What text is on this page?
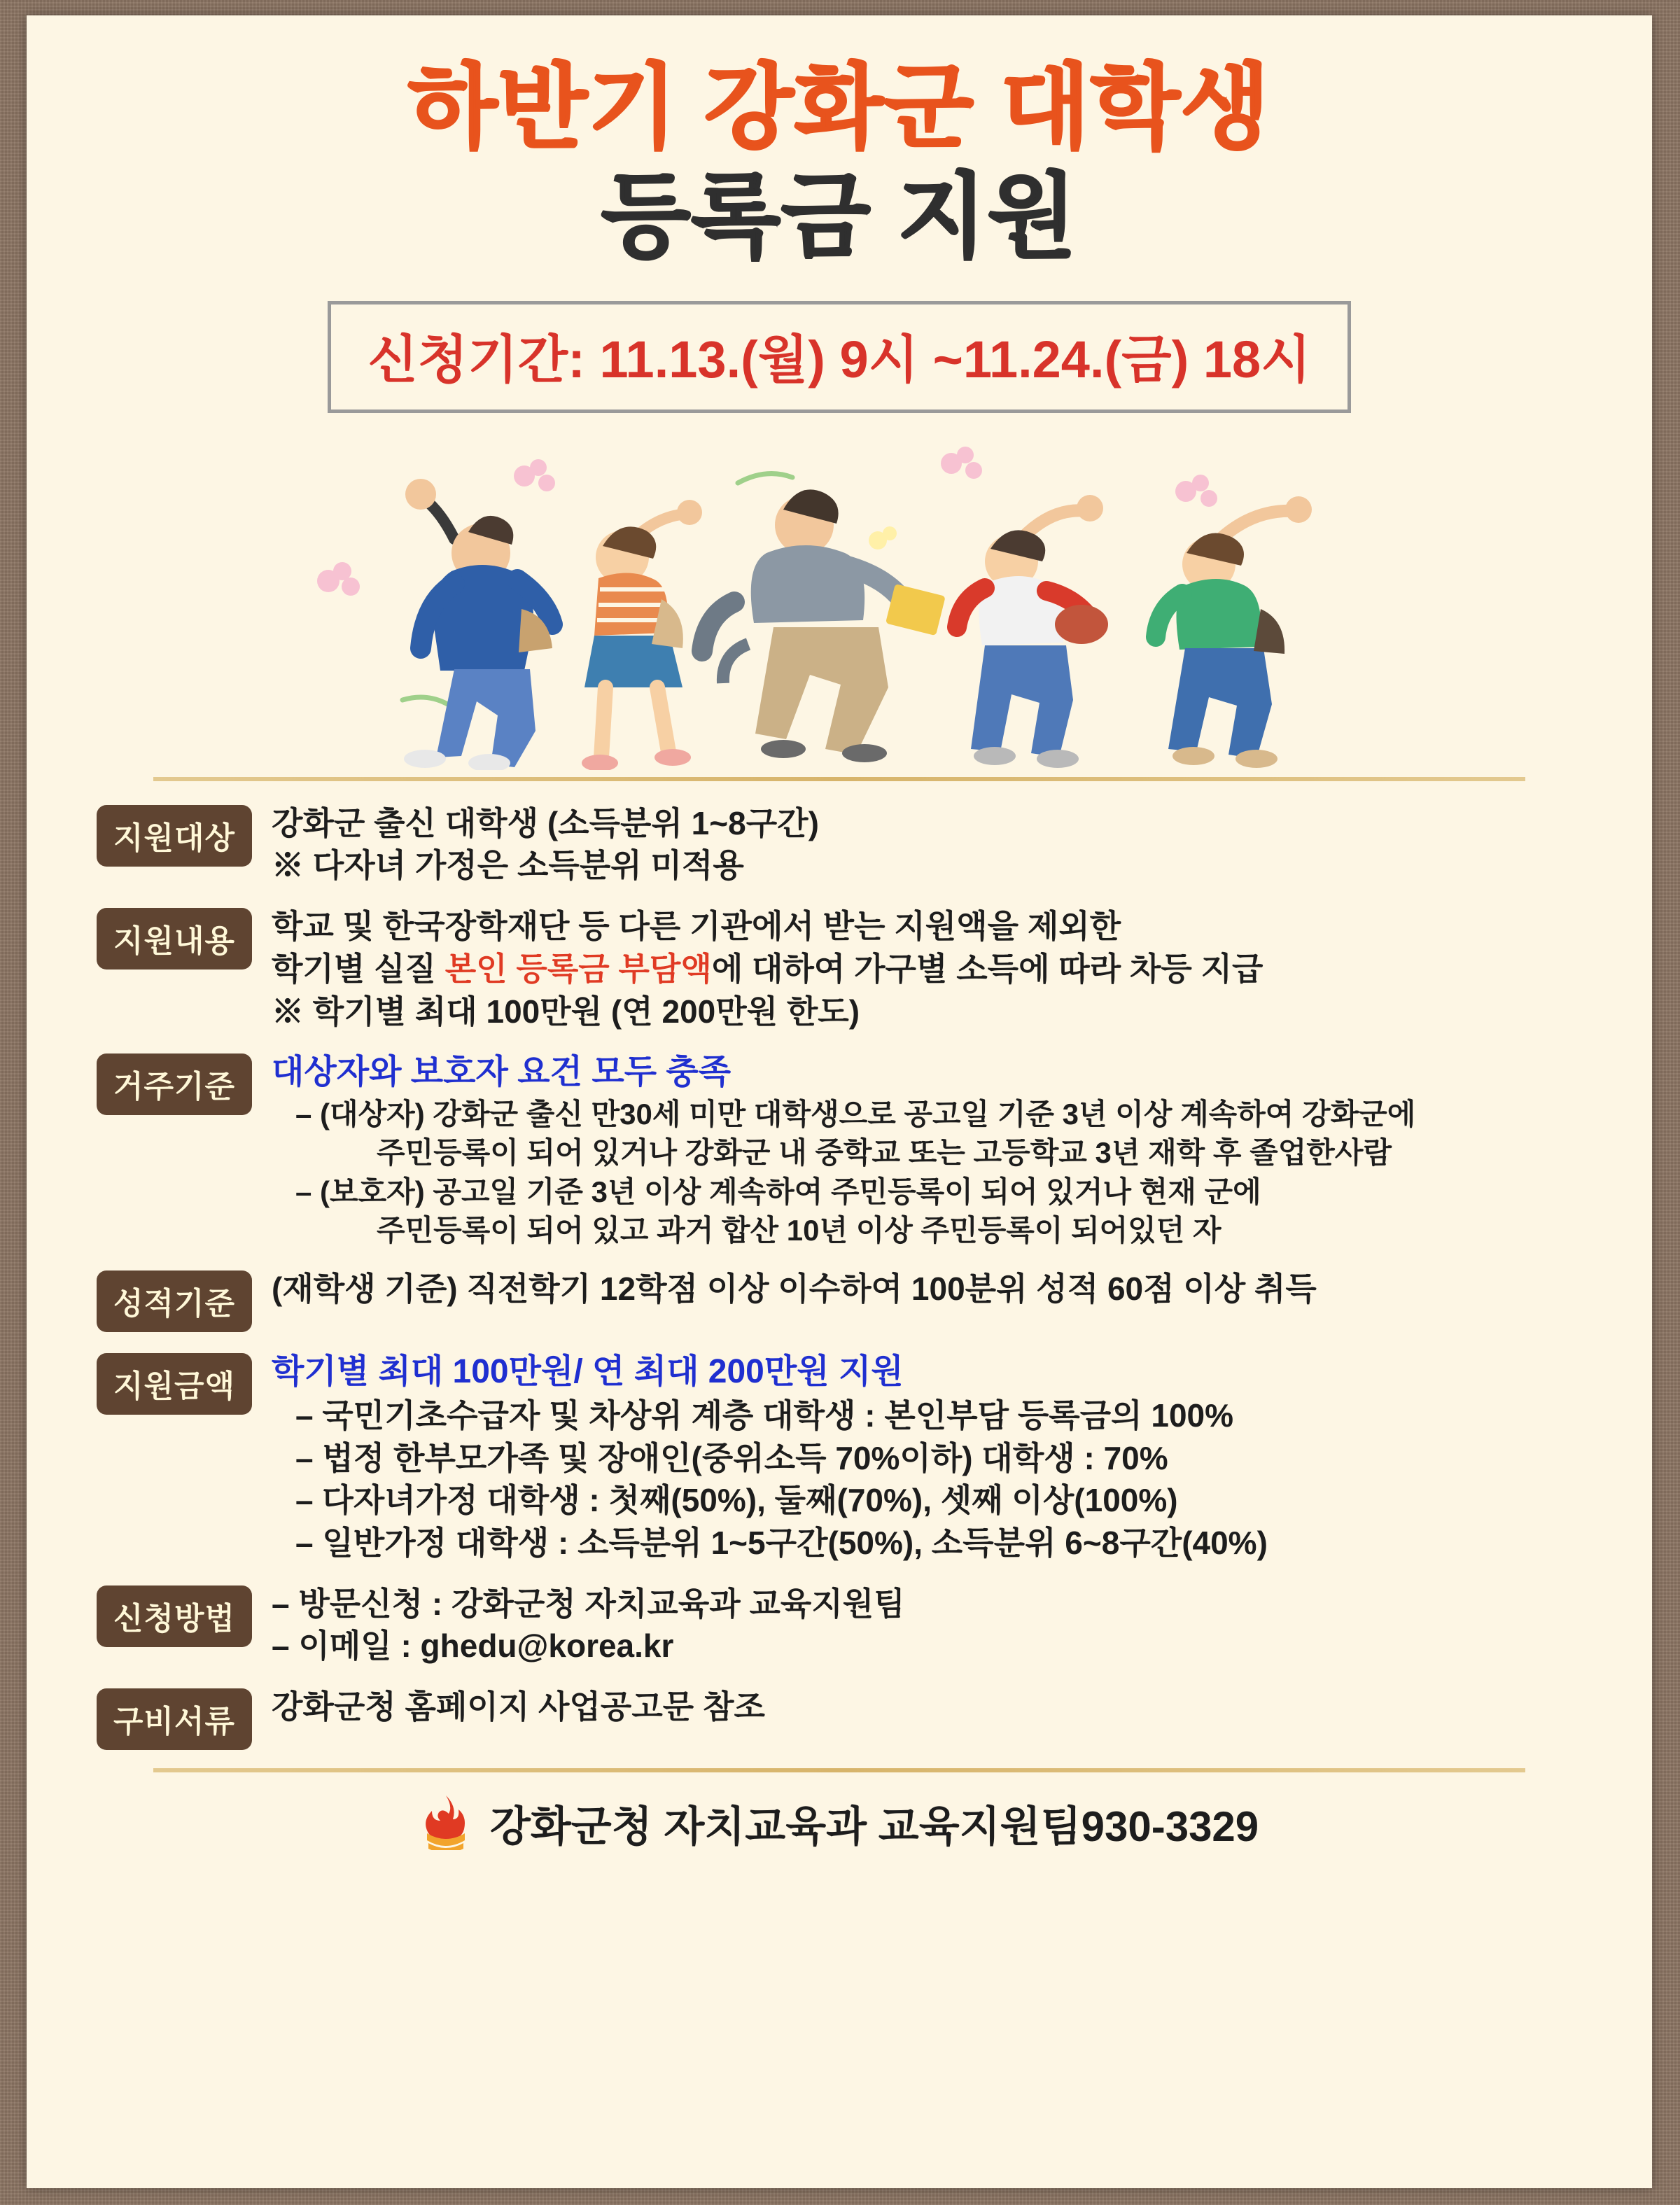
하반기 강화군 대학생
등록금 지원
신청기간: 11.13.(월) 9시 ~11.24.(금) 18시
지원대상	강화군 출신 대학생 (소득분위 1~8구간)
※ 다자녀 가정은 소득분위 미적용
지원내용	학교 및 한국장학재단 등 다른 기관에서 받는 지원액을 제외한
학기별 실질 본인 등록금 부담액에 대하여 가구별 소득에 따라 차등 지급
※ 학기별 최대 100만원 (연 200만원 한도)
거주기준	대상자와 보호자 요건 모두 충족
– (대상자) 강화군 출신 만30세 미만 대학생으로 공고일 기준 3년 이상 계속하여 강화군에
주민등록이 되어 있거나 강화군 내 중학교 또는 고등학교 3년 재학 후 졸업한사람
– (보호자) 공고일 기준 3년 이상 계속하여 주민등록이 되어 있거나 현재 군에
주민등록이 되어 있고 과거 합산 10년 이상 주민등록이 되어있던 자
성적기준	(재학생 기준) 직전학기 12학점 이상 이수하여 100분위 성적 60점 이상 취득
지원금액	학기별 최대 100만원/ 연 최대 200만원 지원
– 국민기초수급자 및 차상위 계층 대학생 : 본인부담 등록금의 100%
– 법정 한부모가족 및 장애인(중위소득 70%이하) 대학생 : 70%
– 다자녀가정 대학생 : 첫째(50%), 둘째(70%), 셋째 이상(100%)
– 일반가정 대학생 : 소득분위 1~5구간(50%), 소득분위 6~8구간(40%)
신청방법	– 방문신청 : 강화군청 자치교육과 교육지원팀
– 이메일 : ghedu@korea.kr
구비서류	강화군청 홈페이지 사업공고문 참조
강화군청 자치교육과 교육지원팀930-3329
